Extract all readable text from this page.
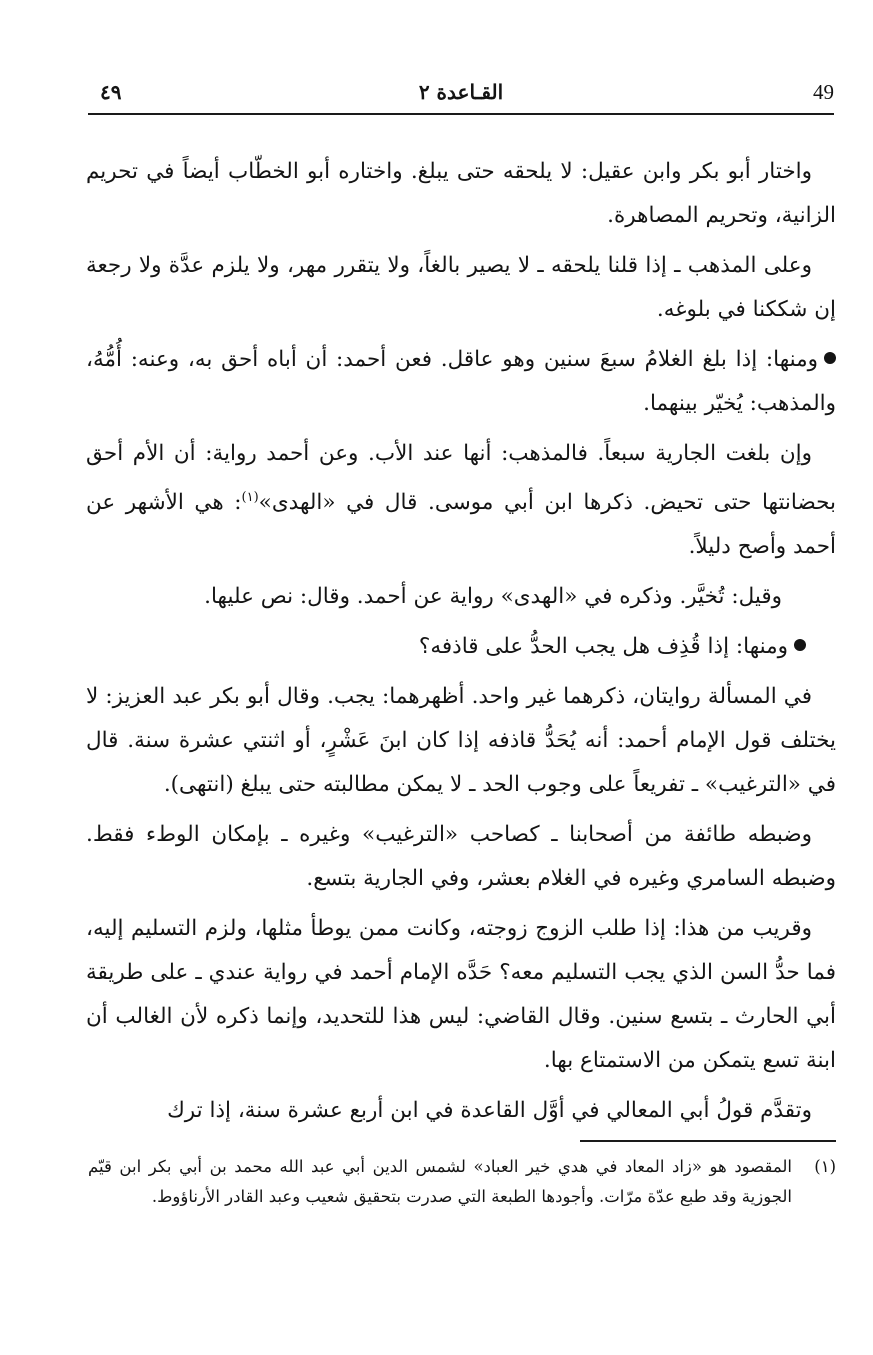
49
القـاعدة ٢
٤٩

واختار أبو بكر وابن عقيل: لا يلحقه حتى يبلغ. واختاره أبو الخطّاب أيضاً في تحريم الزانية، وتحريم المصاهرة.

وعلى المذهب ـ إذا قلنا يلحقه ـ لا يصير بالغاً، ولا يتقرر مهر، ولا يلزم عدَّة ولا رجعة إن شككنا في بلوغه.

ومنها: إذا بلغ الغلامُ سبعَ سنين وهو عاقل. فعن أحمد: أن أباه أحق به، وعنه: أُمُّهُ، والمذهب: يُخيّر بينهما.

وإن بلغت الجارية سبعاً. فالمذهب: أنها عند الأب. وعن أحمد رواية: أن الأم أحق بحضانتها حتى تحيض. ذكرها ابن أبي موسى. قال في «الهدى»$^{(١)}$: هي الأشهر عن أحمد وأصح دليلاً.

وقيل: تُخيَّر. وذكره في «الهدى» رواية عن أحمد. وقال: نص عليها.

ومنها: إذا قُذِف هل يجب الحدُّ على قاذفه؟

في المسألة روايتان، ذكرهما غير واحد. أظهرهما: يجب. وقال أبو بكر عبد العزيز: لا يختلف قول الإمام أحمد: أنه يُحَدُّ قاذفه إذا كان ابنَ عَشْرٍ، أو اثنتي عشرة سنة. قال في «الترغيب» ـ تفريعاً على وجوب الحد ـ لا يمكن مطالبته حتى يبلغ (انتهى).

وضبطه طائفة من أصحابنا ـ كصاحب «الترغيب» وغيره ـ بإمكان الوطء فقط. وضبطه السامري وغيره في الغلام بعشر، وفي الجارية بتسع.

وقريب من هذا: إذا طلب الزوج زوجته، وكانت ممن يوطأ مثلها، ولزم التسليم إليه، فما حدُّ السن الذي يجب التسليم معه؟ حَدَّه الإمام أحمد في رواية عندي ـ على طريقة أبي الحارث ـ بتسع سنين. وقال القاضي: ليس هذا للتحديد، وإنما ذكره لأن الغالب أن ابنة تسع يتمكن من الاستمتاع بها.

وتقدَّم قولُ أبي المعالي في أوَّل القاعدة في ابن أربع عشرة سنة، إذا ترك

(١)
المقصود هو «زاد المعاد في هدي خير العباد» لشمس الدين أبي عبد الله محمد بن أبي بكر ابن قيّم الجوزية وقد طبع عدّة مرّات. وأجودها الطبعة التي صدرت بتحقيق شعيب وعبد القادر الأرناؤوط.
